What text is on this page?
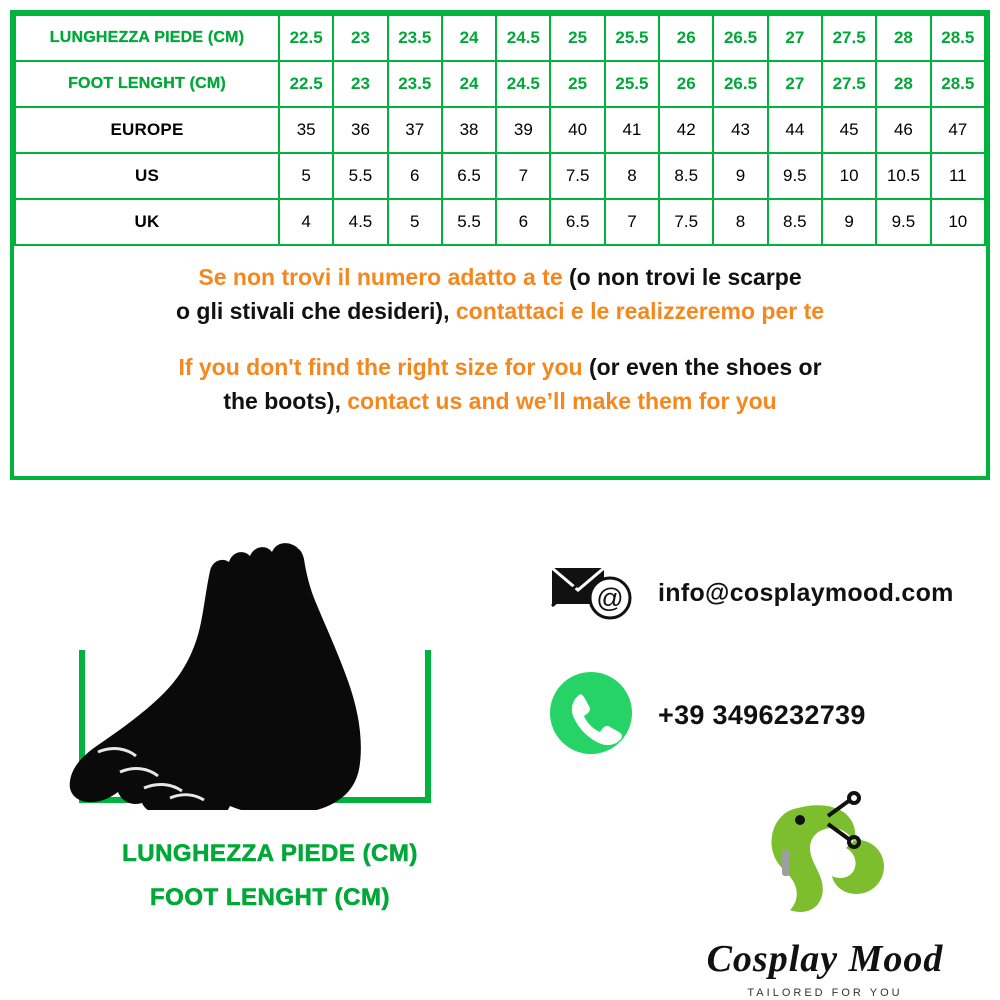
LUNGHEZZA PIEDE (CM)	22.5	23	23.5	24	24.5	25	25.5	26	26.5	27	27.5	28	28.5
FOOT LENGHT (CM)	22.5	23	23.5	24	24.5	25	25.5	26	26.5	27	27.5	28	28.5
EUROPE	35	36	37	38	39	40	41	42	43	44	45	46	47
US	5	5.5	6	6.5	7	7.5	8	8.5	9	9.5	10	10.5	11
UK	4	4.5	5	5.5	6	6.5	7	7.5	8	8.5	9	9.5	10
Se non trovi il numero adatto a te (o non trovi le scarpe
o gli stivali che desideri), contattaci e le realizzeremo per te
If you don't find the right size for you (or even the shoes or
the boots), contact us and we’ll make them for you
LUNGHEZZA PIEDE (CM)
FOOT LENGHT (CM)
@ info@cosplaymood.com
+39 3496232739
Cosplay Mood
TAILORED FOR YOU
